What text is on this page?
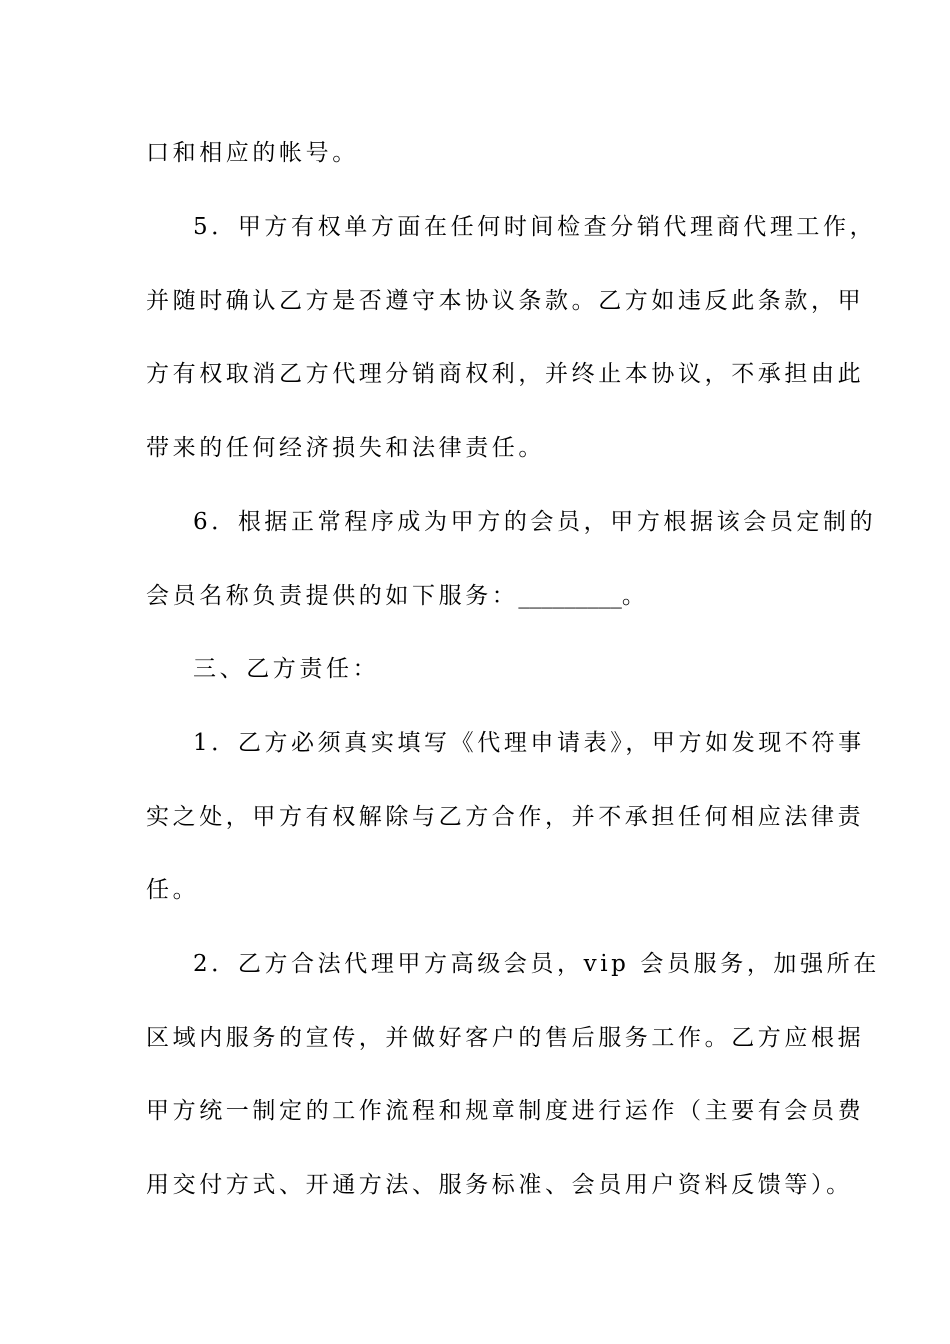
口和相应的帐号。
5．甲方有权单方面在任何时间检查分销代理商代理工作，
并随时确认乙方是否遵守本协议条款。乙方如违反此条款，甲
方有权取消乙方代理分销商权利，并终止本协议，不承担由此
带来的任何经济损失和法律责任。
6．根据正常程序成为甲方的会员，甲方根据该会员定制的
会员名称负责提供的如下服务：_________。
三、乙方责任：
1．乙方必须真实填写《代理申请表》，甲方如发现不符事
实之处，甲方有权解除与乙方合作，并不承担任何相应法律责
任。
2．乙方合法代理甲方高级会员，vip 会员服务，加强所在
区域内服务的宣传，并做好客户的售后服务工作。乙方应根据
甲方统一制定的工作流程和规章制度进行运作（主要有会员费
用交付方式、开通方法、服务标准、会员用户资料反馈等）。
